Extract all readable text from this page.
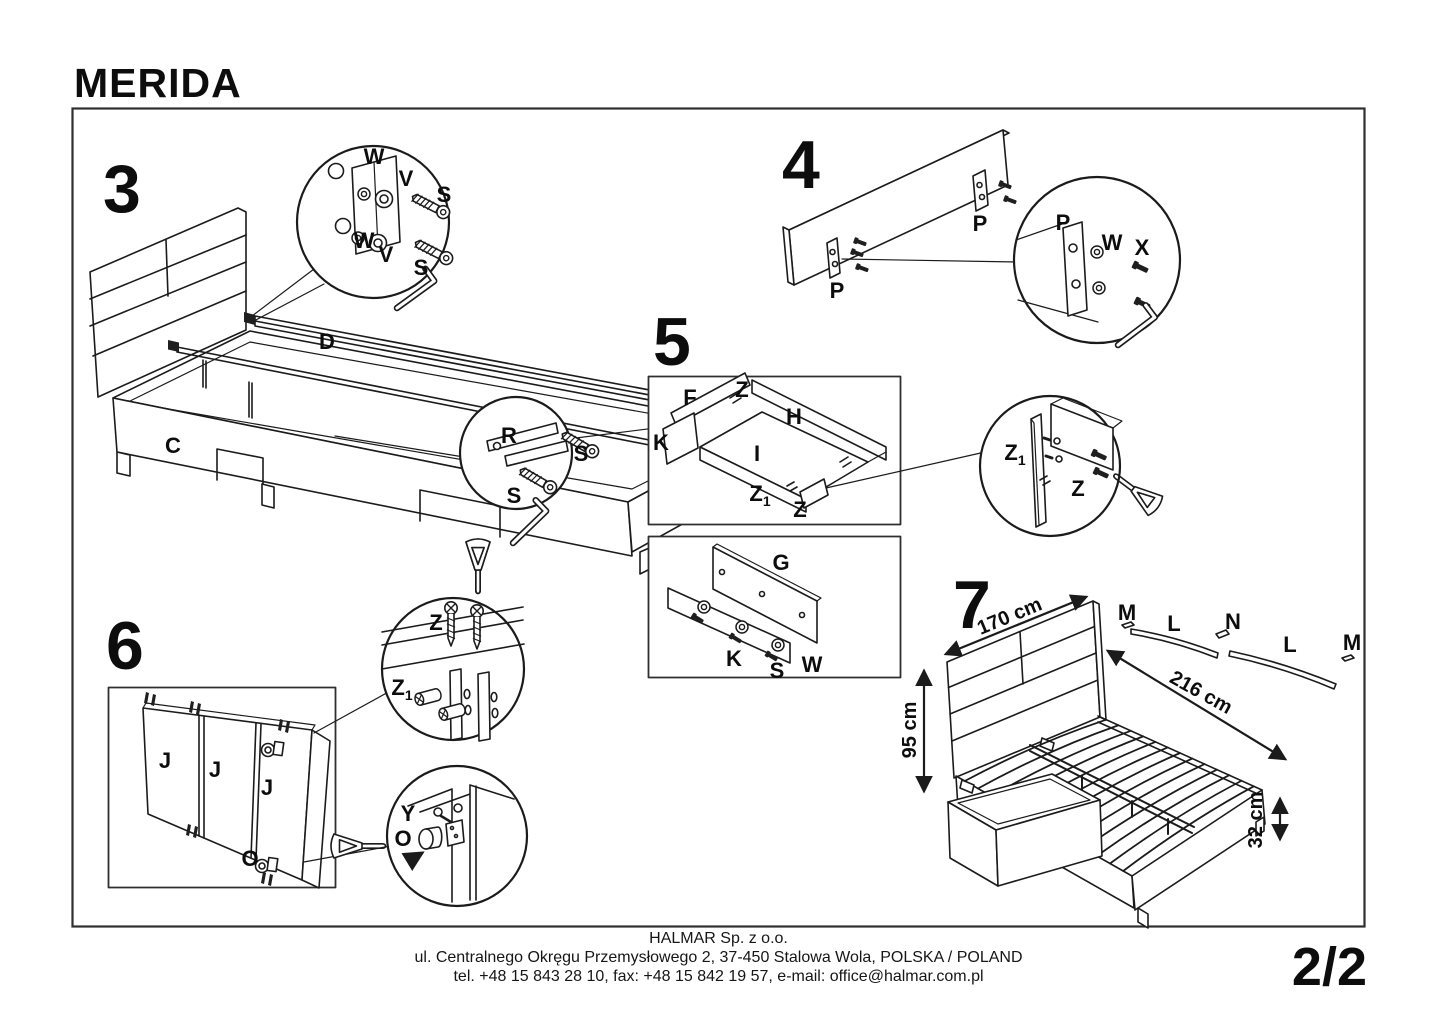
MERIDA
3	4
5
6
7
C
D
W
V
S
W
V
S
R
S
S
P
P
P
W X
F Z
H
K	I
$Z_1$ Z
G
K S W
$Z_1$
Z
J J
J
O
Z
$Z_1$
Y
O
M L N
L M
170 cm
95 cm
216 cm
32 cm
HALMAR Sp. z o.o.
ul. Centralnego Okręgu Przemysłowego 2, 37-450 Stalowa Wola, POLSKA / POLAND
tel. +48 15 843 28 10, fax: +48 15 842 19 57, e-mail: office@halmar.com.pl	2/2
